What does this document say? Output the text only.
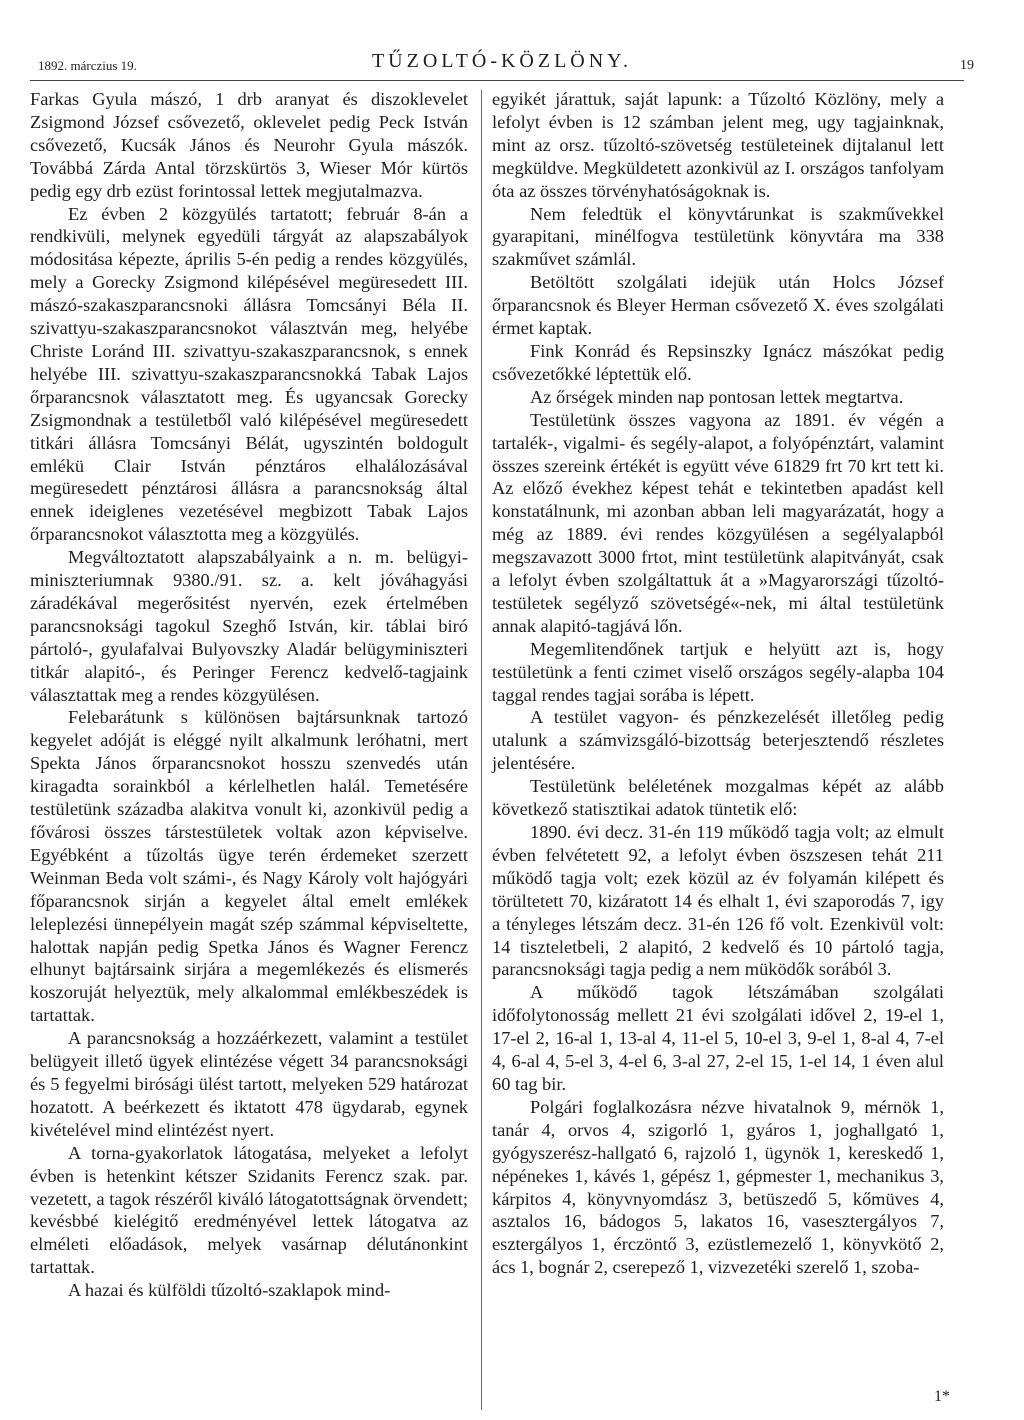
1892. márczius 19.	TŰZOLTÓ-KÖZLÖNY.	19

Farkas Gyula mászó, 1 drb aranyat és diszoklevelet Zsigmond József csővezető, oklevelet pedig Peck István csővezető, Kucsák János és Neurohr Gyula mászók. Továbbá Zárda Antal törzskürtös 3, Wieser Mór kürtös pedig egy drb ezüst forintossal lettek megjutalmazva.

Ez évben 2 közgyülés tartatott; február 8-án a rendkivüli, melynek egyedüli tárgyát az alapszabályok módositása képezte, április 5-én pedig a rendes közgyülés, mely a Gorecky Zsigmond kilépésével megüresedett III. mászó-szakaszparancsnoki állásra Tomcsányi Béla II. szivattyu-szakaszparancsnokot választván meg, helyébe Christe Loránd III. szivattyu-szakaszparancsnok, s ennek helyébe III. szivattyu-szakaszparancsnokká Tabak Lajos őrparancsnok választatott meg. És ugyancsak Gorecky Zsigmondnak a testületből való kilépésével megüresedett titkári állásra Tomcsányi Bélát, ugyszintén boldogult emlékü Clair István pénztáros elhalálozásával megüresedett pénztárosi állásra a parancsnokság által ennek ideiglenes vezetésével megbizott Tabak Lajos őrparancsnokot választotta meg a közgyülés.

Megváltoztatott alapszabályaink a n. m. belügyi-miniszteriumnak 9380./91. sz. a. kelt jóváhagyási záradékával megerősitést nyervén, ezek értelmében parancsnoksági tagokul Szeghő István, kir. táblai biró pártoló-, gyulafalvai Bulyovszky Aladár belügyminiszteri titkár alapitó-, és Peringer Ferencz kedvelő-tagjaink választattak meg a rendes közgyülésen.

Felebarátunk s különösen bajtársunknak tartozó kegyelet adóját is eléggé nyilt alkalmunk leróhatni, mert Spekta János őrparancsnokot hosszu szenvedés után kiragadta sorainkból a kérlelhetlen halál. Temetésére testületünk századba alakitva vonult ki, azonkivül pedig a fővárosi összes társtestületek voltak azon képviselve. Egyébként a tűzoltás ügye terén érdemeket szerzett Weinman Beda volt számi-, és Nagy Károly volt hajógyári főparancsnok sirján a kegyelet által emelt emlékek leleplezési ünnepélyein magát szép számmal képviseltette, halottak napján pedig Spetka János és Wagner Ferencz elhunyt bajtársaink sirjára a megemlékezés és elismerés koszoruját helyeztük, mely alkalommal emlékbeszédek is tartattak.

A parancsnokság a hozzáérkezett, valamint a testület belügyeit illető ügyek elintézése végett 34 parancsnoksági és 5 fegyelmi birósági ülést tartott, melyeken 529 határozat hozatott. A beérkezett és iktatott 478 ügydarab, egynek kivételével mind elintézést nyert.

A torna-gyakorlatok látogatása, melyeket a lefolyt évben is hetenkint kétszer Szidanits Ferencz szak. par. vezetett, a tagok részéről kiváló látogatottságnak örvendett; kevésbbé kielégitő eredményével lettek látogatva az elméleti előadások, melyek vasárnap délutánonkint tartattak.

A hazai és külföldi tűzoltó-szaklapok mind-

egyikét járattuk, saját lapunk: a Tűzoltó Közlöny, mely a lefolyt évben is 12 számban jelent meg, ugy tagjainknak, mint az orsz. tűzoltó-szövetség testületeinek dijtalanul lett megküldve. Megküldetett azonkivül az I. országos tanfolyam óta az összes törvényhatóságoknak is.

Nem feledtük el könyvtárunkat is szakművekkel gyarapitani, minélfogva testületünk könyvtára ma 338 szakművet számlál.

Betöltött szolgálati idejük után Holcs József őrparancsnok és Bleyer Herman csővezető X. éves szolgálati érmet kaptak.

Fink Konrád és Repsinszky Ignácz mászókat pedig csővezetőkké léptettük elő.

Az őrségek minden nap pontosan lettek megtartva.

Testületünk összes vagyona az 1891. év végén a tartalék-, vigalmi- és segély-alapot, a folyópénztárt, valamint összes szereink értékét is együtt véve 61829 frt 70 krt tett ki. Az előző évekhez képest tehát e tekintetben apadást kell konstatálnunk, mi azonban abban leli magyarázatát, hogy a még az 1889. évi rendes közgyülésen a segélyalapból megszavazott 3000 frtot, mint testületünk alapitványát, csak a lefolyt évben szolgáltattuk át a »Magyarországi tűzoltó-testületek segélyző szövetségé«-nek, mi által testületünk annak alapitó-tagjává lőn.

Megemlitendőnek tartjuk e helyütt azt is, hogy testületünk a fenti czimet viselő országos segély-alapba 104 taggal rendes tagjai sorába is lépett.

A testület vagyon- és pénzkezelését illetőleg pedig utalunk a számvizsgáló-bizottság beterjesztendő részletes jelentésére.

Testületünk beléletének mozgalmas képét az alább következő statisztikai adatok tüntetik elő:

1890. évi decz. 31-én 119 működő tagja volt; az elmult évben felvétetett 92, a lefolyt évben öszszesen tehát 211 működő tagja volt; ezek közül az év folyamán kilépett és törültetett 70, kizáratott 14 és elhalt 1, évi szaporodás 7, igy a tényleges létszám decz. 31-én 126 fő volt. Ezenkivül volt: 14 tiszteletbeli, 2 alapitó, 2 kedvelő és 10 pártoló tagja, parancsnoksági tagja pedig a nem müködők sorából 3.

A működő tagok létszámában szolgálati időfolytonosság mellett 21 évi szolgálati idővel 2, 19-el 1, 17-el 2, 16-al 1, 13-al 4, 11-el 5, 10-el 3, 9-el 1, 8-al 4, 7-el 4, 6-al 4, 5-el 3, 4-el 6, 3-al 27, 2-el 15, 1-el 14, 1 éven alul 60 tag bir.

Polgári foglalkozásra nézve hivatalnok 9, mérnök 1, tanár 4, orvos 4, szigorló 1, gyáros 1, joghallgató 1, gyógyszerész-hallgató 6, rajzoló 1, ügynök 1, kereskedő 1, népénekes 1, kávés 1, gépész 1, gépmester 1, mechanikus 3, kárpitos 4, könyvnyomdász 3, betüszedő 5, kőmüves 4, asztalos 16, bádogos 5, lakatos 16, vasesztergályos 7, esztergályos 1, érczöntő 3, ezüstlemezelő 1, könyvkötő 2, ács 1, bognár 2, cserepező 1, vizvezetéki szerelő 1, szoba-

1*
